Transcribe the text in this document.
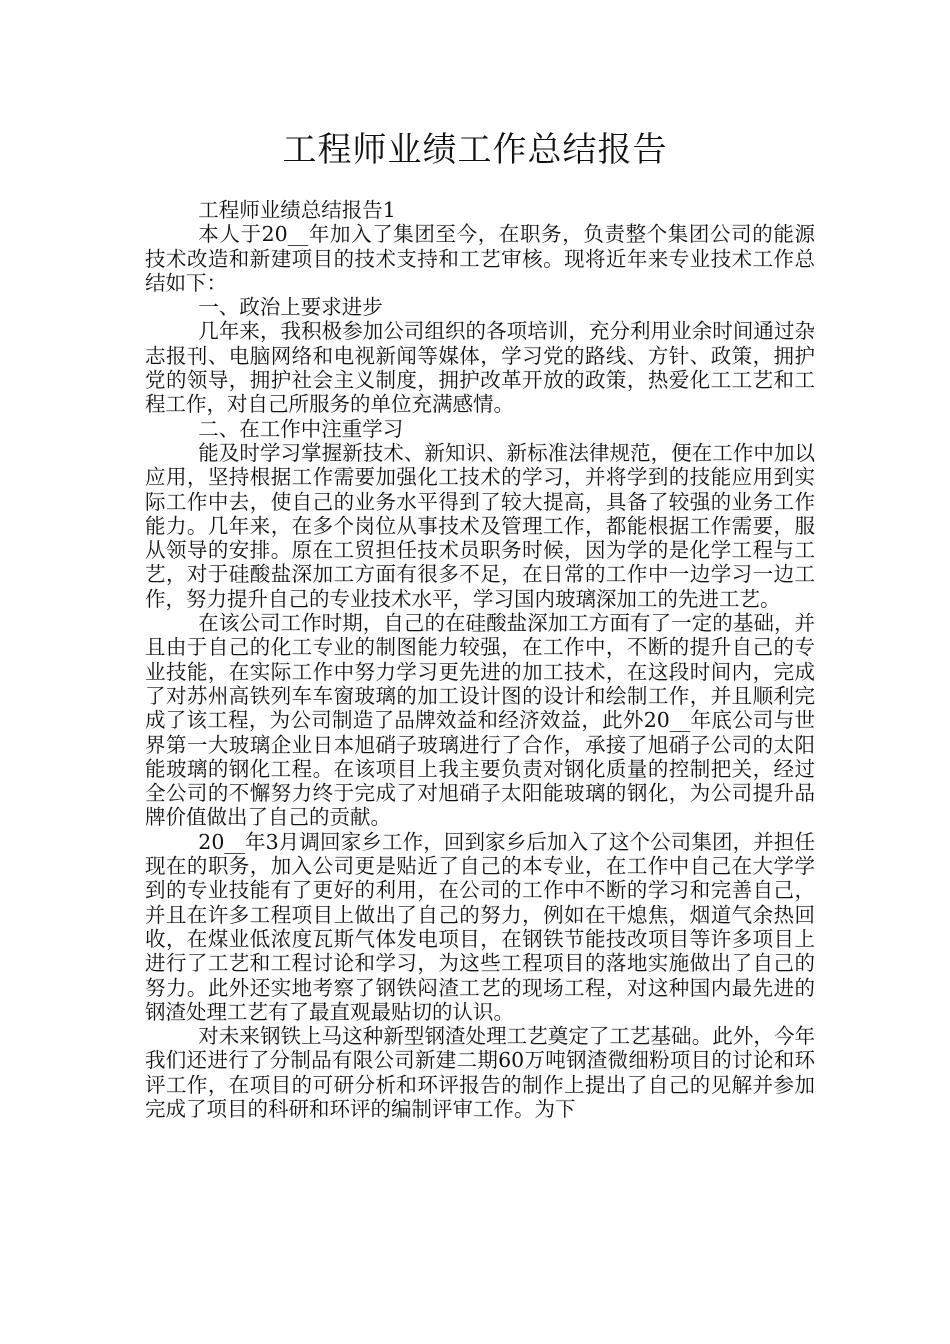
工程师业绩工作总结报告

工程师业绩总结报告1

本人于20__年加入了集团至今，在职务，负责整个集团公司的能源技术改造和新建项目的技术支持和工艺审核。现将近年来专业技术工作总结如下：

一、政治上要求进步

几年来，我积极参加公司组织的各项培训，充分利用业余时间通过杂志报刊、电脑网络和电视新闻等媒体，学习党的路线、方针、政策，拥护党的领导，拥护社会主义制度，拥护改革开放的政策，热爱化工工艺和工程工作，对自己所服务的单位充满感情。

二、在工作中注重学习

能及时学习掌握新技术、新知识、新标准法律规范，便在工作中加以应用，坚持根据工作需要加强化工技术的学习，并将学到的技能应用到实际工作中去，使自己的业务水平得到了较大提高，具备了较强的业务工作能力。几年来，在多个岗位从事技术及管理工作，都能根据工作需要，服从领导的安排。原在工贸担任技术员职务时候，因为学的是化学工程与工艺，对于硅酸盐深加工方面有很多不足，在日常的工作中一边学习一边工作，努力提升自己的专业技术水平，学习国内玻璃深加工的先进工艺。

在该公司工作时期，自己的在硅酸盐深加工方面有了一定的基础，并且由于自己的化工专业的制图能力较强，在工作中，不断的提升自己的专业技能，在实际工作中努力学习更先进的加工技术，在这段时间内，完成了对苏州高铁列车车窗玻璃的加工设计图的设计和绘制工作，并且顺利完成了该工程，为公司制造了品牌效益和经济效益，此外20__年底公司与世界第一大玻璃企业日本旭硝子玻璃进行了合作，承接了旭硝子公司的太阳能玻璃的钢化工程。在该项目上我主要负责对钢化质量的控制把关，经过全公司的不懈努力终于完成了对旭硝子太阳能玻璃的钢化，为公司提升品牌价值做出了自己的贡献。

20__年3月调回家乡工作，回到家乡后加入了这个公司集团，并担任现在的职务，加入公司更是贴近了自己的本专业，在工作中自己在大学学到的专业技能有了更好的利用，在公司的工作中不断的学习和完善自己，并且在许多工程项目上做出了自己的努力，例如在干熄焦，烟道气余热回收，在煤业低浓度瓦斯气体发电项目，在钢铁节能技改项目等许多项目上进行了工艺和工程讨论和学习，为这些工程项目的落地实施做出了自己的努力。此外还实地考察了钢铁闷渣工艺的现场工程，对这种国内最先进的钢渣处理工艺有了最直观最贴切的认识。

对未来钢铁上马这种新型钢渣处理工艺奠定了工艺基础。此外，今年我们还进行了分制品有限公司新建二期60万吨钢渣微细粉项目的讨论和环评工作，在项目的可研分析和环评报告的制作上提出了自己的见解并参加完成了项目的科研和环评的编制评审工作。为下
